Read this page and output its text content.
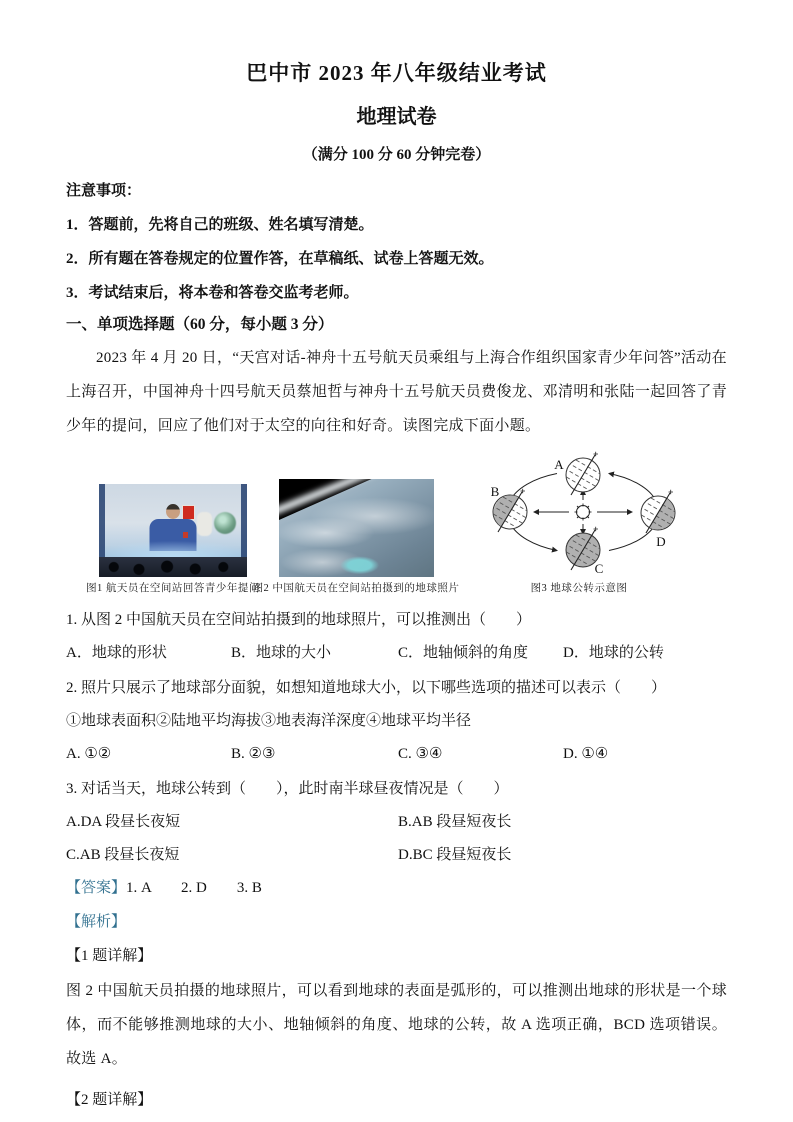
巴中市 2023 年八年级结业考试
地理试卷
（满分 100 分 60 分钟完卷）
注意事项：
1．答题前，先将自己的班级、姓名填写清楚。
2．所有题在答卷规定的位置作答，在草稿纸、试卷上答题无效。
3．考试结束后，将本卷和答卷交监考老师。
一、单项选择题（60 分，每小题 3 分）
2023 年 4 月 20 日，“天宫对话-神舟十五号航天员乘组与上海合作组织国家青少年问答”活动在上海召开，中国神舟十四号航天员蔡旭哲与神舟十五号航天员费俊龙、邓清明和张陆一起回答了青少年的提问，回应了他们对于太空的向往和好奇。读图完成下面小题。
图1 航天员在空间站回答青少年提问
图2 中国航天员在空间站拍摄到的地球照片
A
B
C
D
图3 地球公转示意图
1. 从图 2 中国航天员在空间站拍摄到的地球照片，可以推测出（　　）
A．地球的形状	B．地球的大小	C．地轴倾斜的角度	D．地球的公转
2. 照片只展示了地球部分面貌，如想知道地球大小，以下哪些选项的描述可以表示（　　）
①地球表面积②陆地平均海拔③地表海洋深度④地球平均半径
A. ①②	B. ②③	C. ③④	D. ①④
3. 对话当天，地球公转到（　　），此时南半球昼夜情况是（　　）
A.DA 段昼长夜短	B.AB 段昼短夜长
C.AB 段昼长夜短	D.BC 段昼短夜长
【答案】1. A　　2. D　　3. B
【解析】
【1 题详解】
图 2 中国航天员拍摄的地球照片，可以看到地球的表面是弧形的，可以推测出地球的形状是一个球体，而不能够推测地球的大小、地轴倾斜的角度、地球的公转，故 A 选项正确，BCD 选项错误。故选 A。
【2 题详解】
